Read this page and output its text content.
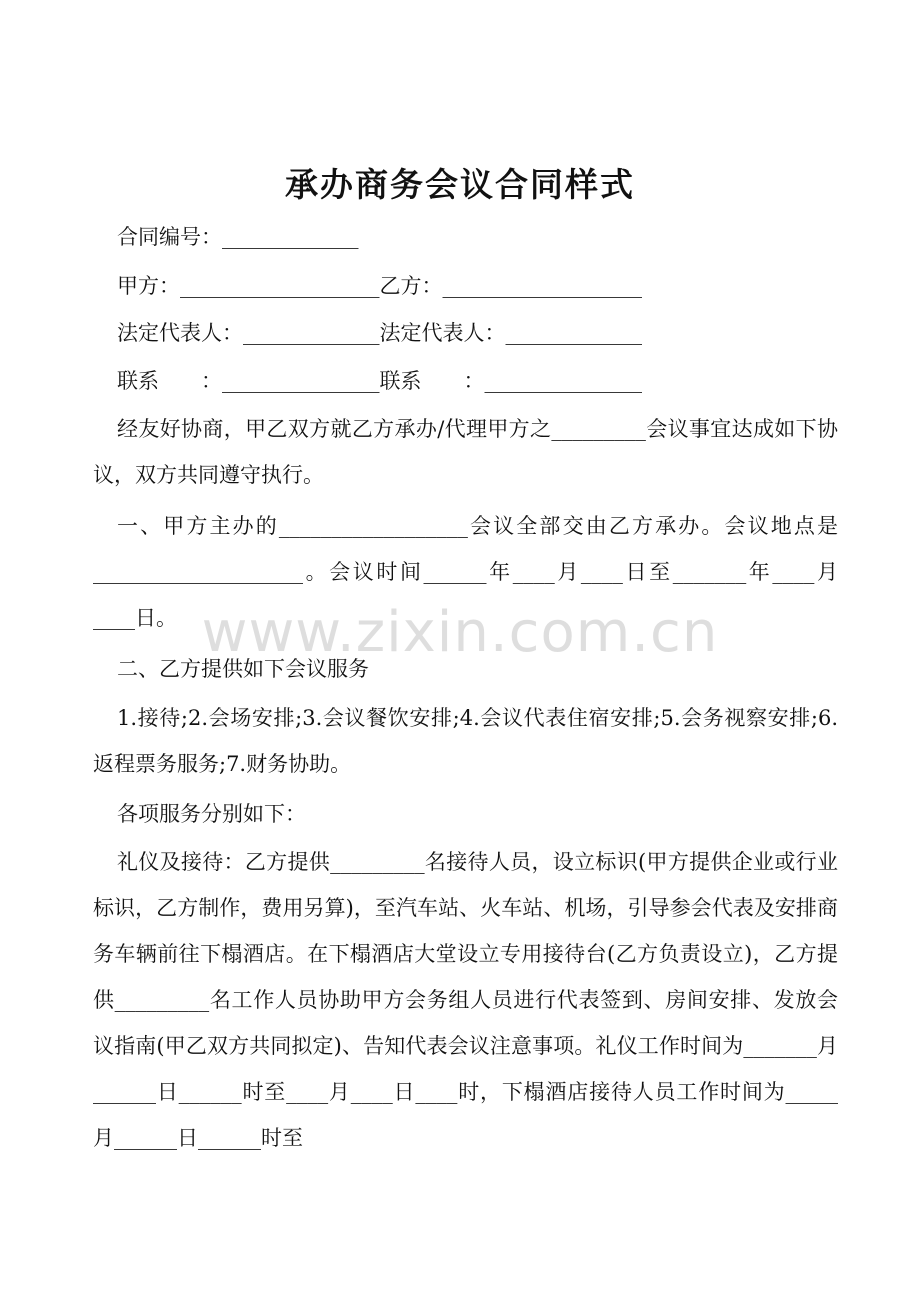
承办商务会议合同样式
合同编号：_____________
甲方：___________________乙方：___________________
法定代表人：_____________法定代表人：_____________
联系　　：_______________联系　　：_______________
经友好协商，甲乙双方就乙方承办/代理甲方之_________会议事宜达成如下协议，双方共同遵守执行。
一、甲方主办的__________________会议全部交由乙方承办。会议地点是____________________。会议时间______年____月____日至_______年____月____日。
二、乙方提供如下会议服务
1.接待;2.会场安排;3.会议餐饮安排;4.会议代表住宿安排;5.会务视察安排;6.返程票务服务;7.财务协助。
各项服务分别如下：
礼仪及接待：乙方提供_________名接待人员，设立标识(甲方提供企业或行业标识，乙方制作，费用另算)，至汽车站、火车站、机场，引导参会代表及安排商务车辆前往下榻酒店。在下榻酒店大堂设立专用接待台(乙方负责设立)，乙方提供_________名工作人员协助甲方会务组人员进行代表签到、房间安排、发放会议指南(甲乙双方共同拟定)、告知代表会议注意事项。礼仪工作时间为_______月______日______时至____月____日____时，下榻酒店接待人员工作时间为_____月______日______时至
www.zixin.com.cn
